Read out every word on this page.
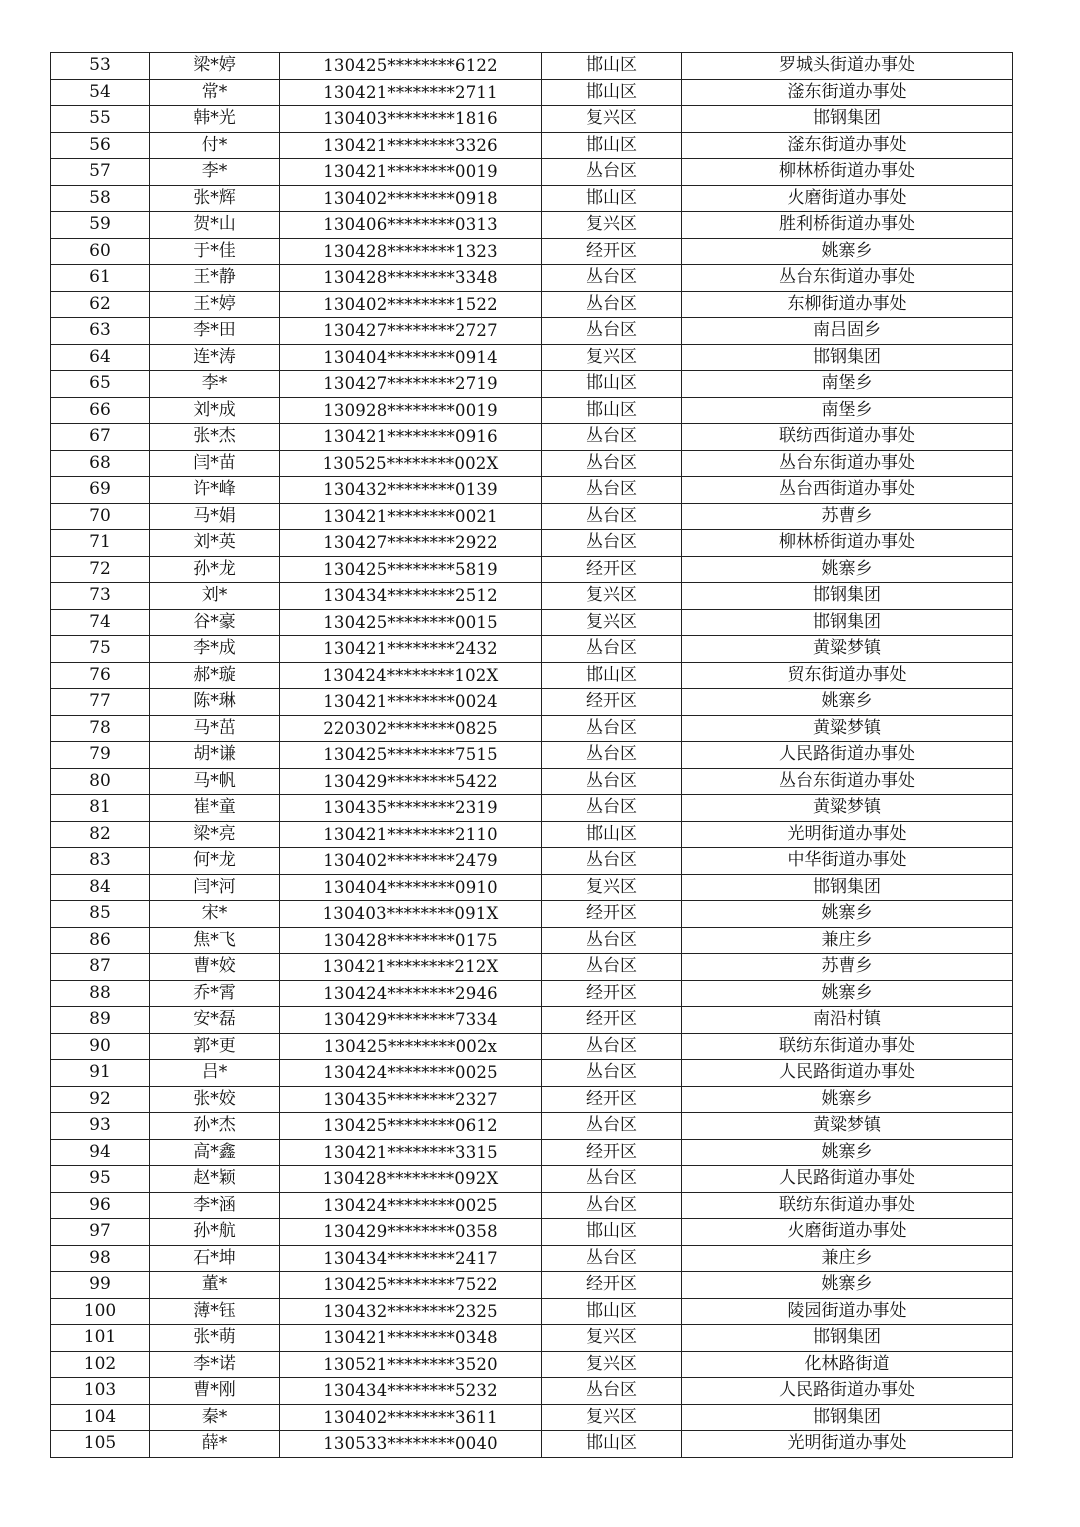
53	梁*婷	130425********6122	邯山区	罗城头街道办事处
54	常*	130421********2711	邯山区	滏东街道办事处
55	韩*光	130403********1816	复兴区	邯钢集团
56	付*	130421********3326	邯山区	滏东街道办事处
57	李*	130421********0019	丛台区	柳林桥街道办事处
58	张*辉	130402********0918	邯山区	火磨街道办事处
59	贺*山	130406********0313	复兴区	胜利桥街道办事处
60	于*佳	130428********1323	经开区	姚寨乡
61	王*静	130428********3348	丛台区	丛台东街道办事处
62	王*婷	130402********1522	丛台区	东柳街道办事处
63	李*田	130427********2727	丛台区	南吕固乡
64	连*涛	130404********0914	复兴区	邯钢集团
65	李*	130427********2719	邯山区	南堡乡
66	刘*成	130928********0019	邯山区	南堡乡
67	张*杰	130421********0916	丛台区	联纺西街道办事处
68	闫*苗	130525********002X	丛台区	丛台东街道办事处
69	许*峰	130432********0139	丛台区	丛台西街道办事处
70	马*娟	130421********0021	丛台区	苏曹乡
71	刘*英	130427********2922	丛台区	柳林桥街道办事处
72	孙*龙	130425********5819	经开区	姚寨乡
73	刘*	130434********2512	复兴区	邯钢集团
74	谷*豪	130425********0015	复兴区	邯钢集团
75	李*成	130421********2432	丛台区	黄粱梦镇
76	郝*璇	130424********102X	邯山区	贸东街道办事处
77	陈*琳	130421********0024	经开区	姚寨乡
78	马*茁	220302********0825	丛台区	黄粱梦镇
79	胡*谦	130425********7515	丛台区	人民路街道办事处
80	马*帆	130429********5422	丛台区	丛台东街道办事处
81	崔*童	130435********2319	丛台区	黄粱梦镇
82	梁*亮	130421********2110	邯山区	光明街道办事处
83	何*龙	130402********2479	丛台区	中华街道办事处
84	闫*河	130404********0910	复兴区	邯钢集团
85	宋*	130403********091X	经开区	姚寨乡
86	焦*飞	130428********0175	丛台区	兼庄乡
87	曹*姣	130421********212X	丛台区	苏曹乡
88	乔*霄	130424********2946	经开区	姚寨乡
89	安*磊	130429********7334	经开区	南沿村镇
90	郭*更	130425********002x	丛台区	联纺东街道办事处
91	吕*	130424********0025	丛台区	人民路街道办事处
92	张*姣	130435********2327	经开区	姚寨乡
93	孙*杰	130425********0612	丛台区	黄粱梦镇
94	高*鑫	130421********3315	经开区	姚寨乡
95	赵*颖	130428********092X	丛台区	人民路街道办事处
96	李*涵	130424********0025	丛台区	联纺东街道办事处
97	孙*航	130429********0358	邯山区	火磨街道办事处
98	石*坤	130434********2417	丛台区	兼庄乡
99	董*	130425********7522	经开区	姚寨乡
100	薄*钰	130432********2325	邯山区	陵园街道办事处
101	张*萌	130421********0348	复兴区	邯钢集团
102	李*诺	130521********3520	复兴区	化林路街道
103	曹*刚	130434********5232	丛台区	人民路街道办事处
104	秦*	130402********3611	复兴区	邯钢集团
105	薛*	130533********0040	邯山区	光明街道办事处
